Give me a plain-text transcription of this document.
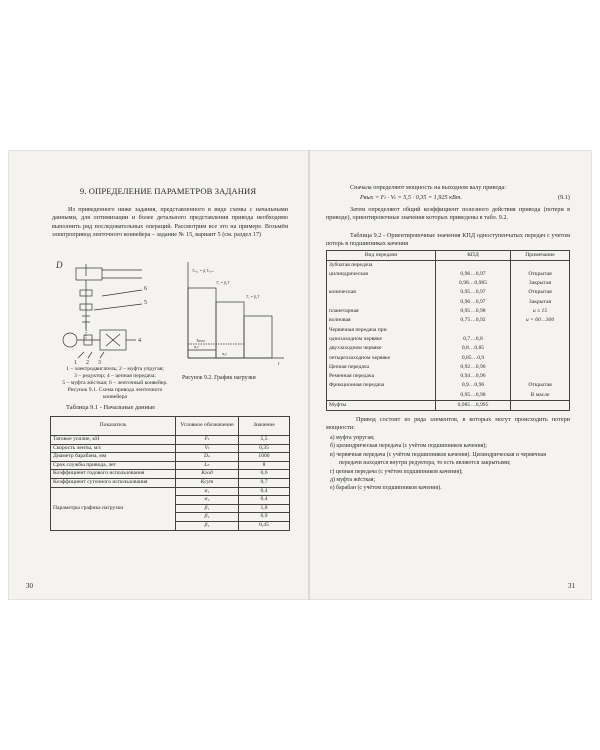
9. ОПРЕДЕЛЕНИЕ ПАРАМЕТРОВ ЗАДАНИЯ
Из приведенного ниже задания, представленного в виде схемы с начальными данными, для оптимизации и более детального представления привода необходимо выполнить ряд последовательных операций. Рассмотрим все это на примере. Возьмём электропривод ленточного конвейера – задание № 15, вариант 5 (см. раздел 17)
D
6
5
4
1 2 3
Tₘₐₓ = β₁Tₙₒₘ
T₂ = β₂T
T₃ = β₃T
Tном
α₁t
α₂t
t
1 – электродвигатель; 2 – муфта упругая;
3 – редуктор; 4 – цепная передача;
5 – муфта жёсткая; 6 – ленточный конвейер.
Рисунок 9.1. Схема привода ленточного
конвейера
Рисунок 9.2. График нагрузки
Таблица 9.1 - Начальные данные
Показатель	Условное обозначение	Значение
Тяговое усилие, кН	Fₜ	5,5
Скорость ленты, м/с	Vₜ	0,35
Диаметр барабана, мм	Dₛ	1000
Срок службы привода, лет	Lₕ	8
Коэффициент годового использования	Kгод	0,6
Коэффициент суточного использования	Kсут	0,7
Параметры графика нагрузки	α₁	0,4
	α₂	0,4
	β₁	1,8
	β₂	0,9
	β₃	0,45
30
Сначала определяют мощность на выходном валу привода:
Pвых = Fₜ · Vₜ = 5,5 · 0,35 = 1,925 кВт.	(9.1)
Затем определяют общий коэффициент полезного действия привода (потери в приводе), ориентировочные значения которых приведены в табл. 9.2.
Таблица 9.2 - Ориентировочные значения КПД одноступенчатых передач с учетом потерь в подшипниках качения
Вид передачи	КПД	Примечание
Зубчатая передача		
цилиндрическая	0,96…0,97	Открытая
	0,98…0,985	Закрытая
коническая	0,95…0,97	Открытая
	0,96…0,97	Закрытая
планетарная	0,95…0,98	u ≤ 15
волновая	0,75…0,92	u = 60…300
Червячная передача при		
однозаходном червяке	0,7…0,8	
двухзаходном червяке	0,8…0,85	
четырехзаходном червяке	0,85…0,9	
Цепная передача	0,92…0,96	
Ременная передача	0,94…0,96	
Фрикционная передача	0,9…0,96	Открытая
	0,95…0,98	В масле
Муфты	0,985…0,995	
Привод состоит из ряда элементов, в которых могут происходить потери мощности:
а) муфта упругая;
б) цилиндрическая передача (с учётом подшипников качения);
в) червячная передача (с учётом подшипников качения). Цилиндрическая и червячная передачи находятся внутри редуктора, то есть являются закрытыми;
г) цепная передача (с учётом подшипников качения);
д) муфта жёсткая;
е) барабан (с учётом подшипников качения).
31
